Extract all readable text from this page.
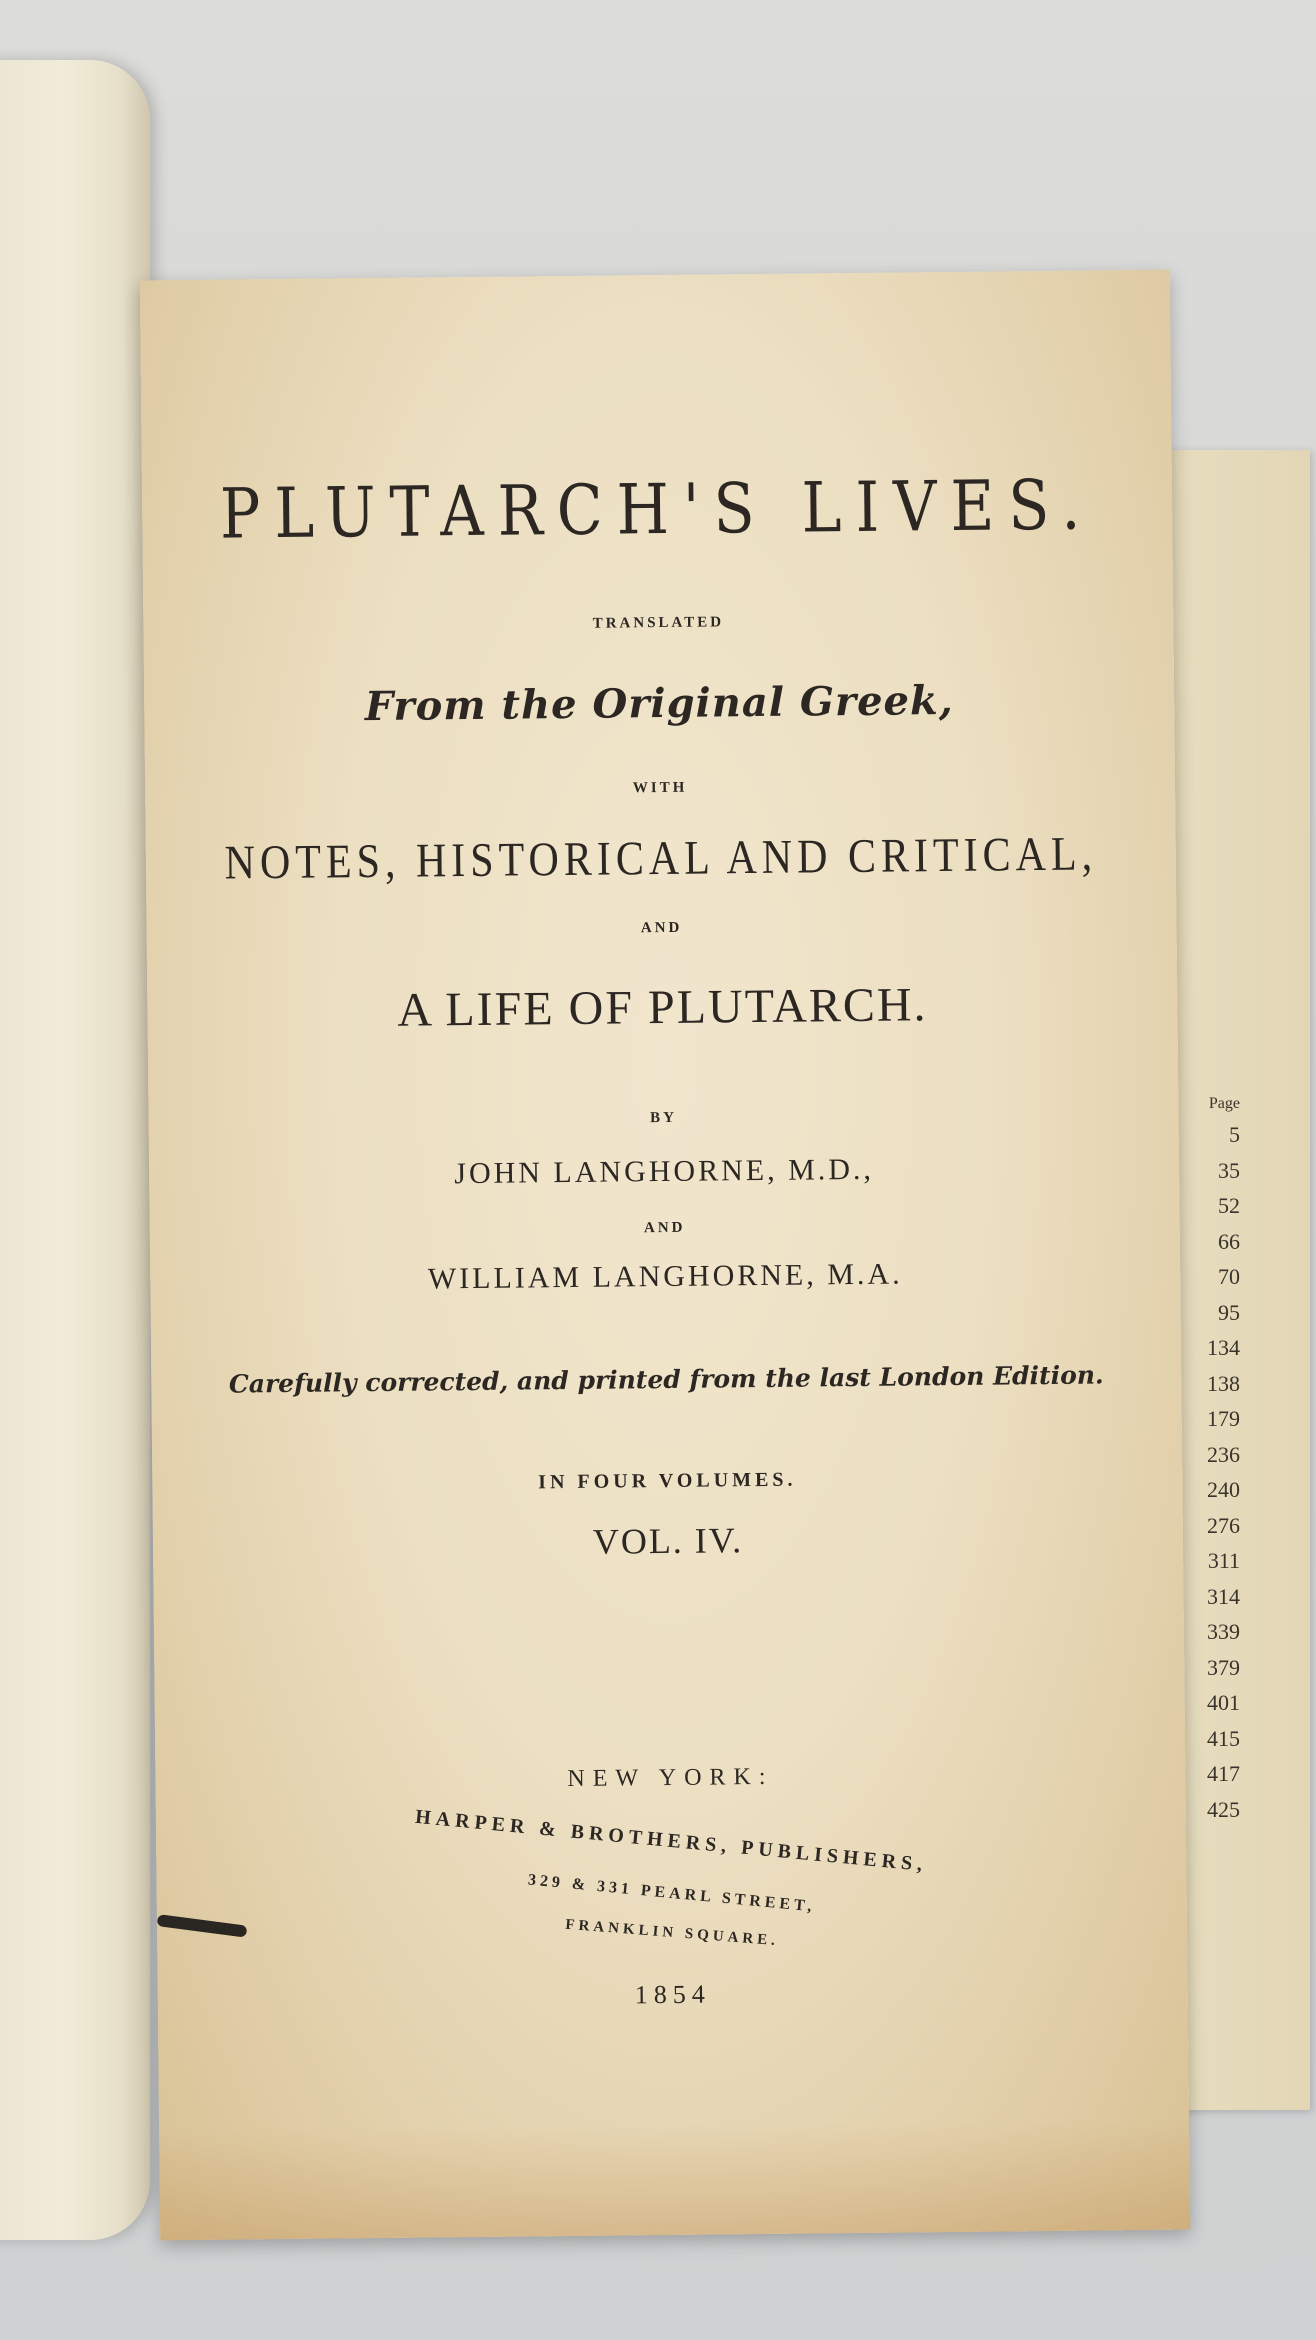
Page
5
35
52
66
70
95
134
138
179
236
240
276
311
314
339
379
401
415
417
425
PLUTARCH'S LIVES.
TRANSLATED
From the Original Greek,
WITH
NOTES, HISTORICAL AND CRITICAL,
AND
A LIFE OF PLUTARCH.
BY
JOHN LANGHORNE, M.D.,
AND
WILLIAM LANGHORNE, M.A.
Carefully corrected, and printed from the last London Edition.
IN FOUR VOLUMES.
VOL. IV.
NEW YORK:
HARPER & BROTHERS, PUBLISHERS,
329 & 331 PEARL STREET,
FRANKLIN SQUARE.
1854
